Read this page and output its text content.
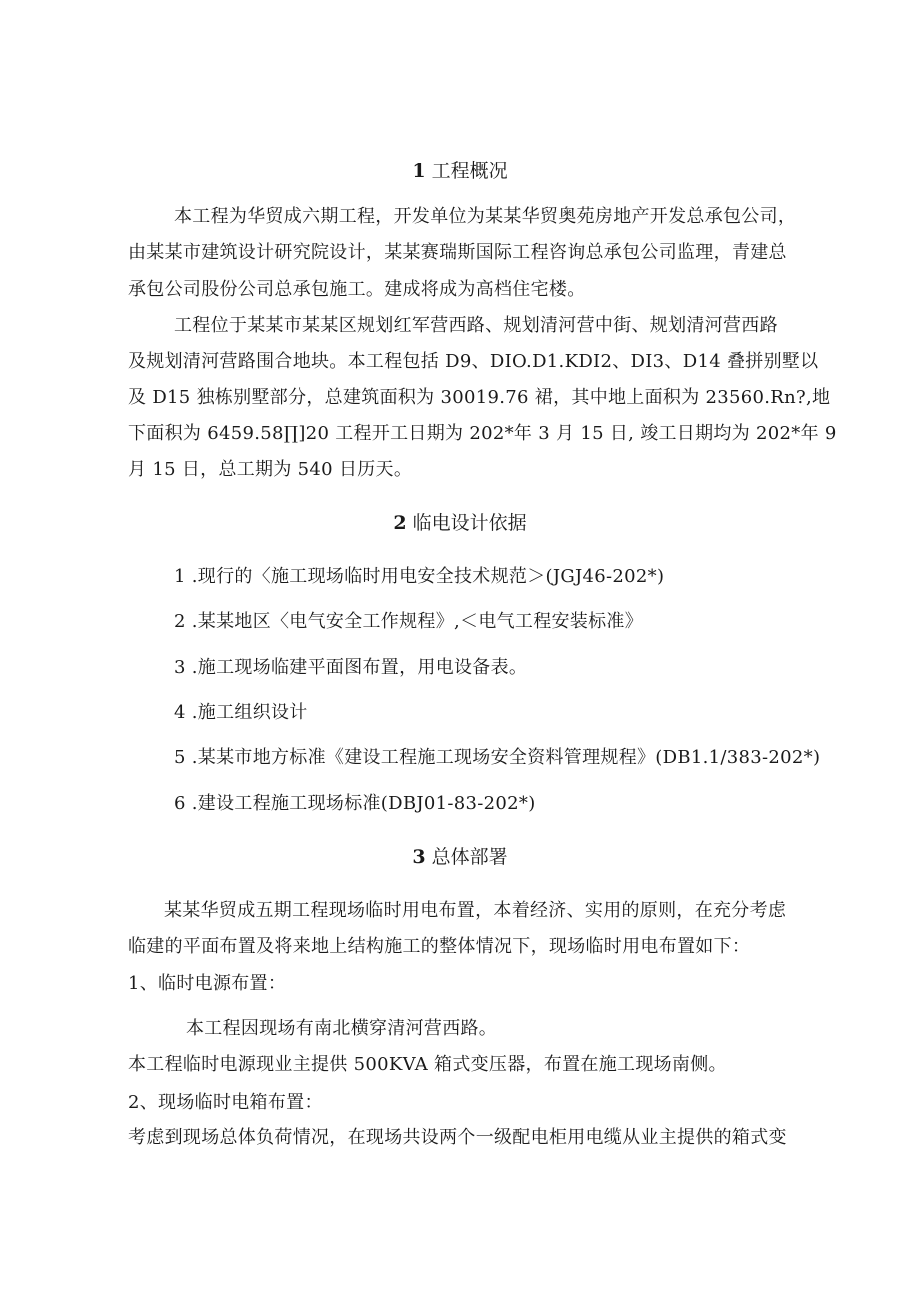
1 工程概况
本工程为华贸成六期工程，开发单位为某某华贸奥苑房地产开发总承包公司，
由某某市建筑设计研究院设计，某某赛瑞斯国际工程咨询总承包公司监理，青建总
承包公司股份公司总承包施工。建成将成为高档住宅楼。
工程位于某某市某某区规划红军营西路、规划清河营中街、规划清河营西路
及规划清河营路围合地块。本工程包括 D9、DIO.D1.KDI2、DI3、D14 叠拼别墅以
及 D15 独栋别墅部分，总建筑面积为 30019.76 裙，其中地上面积为 23560.Rn?,地
下面积为 6459.58∏]20 工程开工日期为 202*年 3 月 15 日, 竣工日期均为 202*年 9
月 15 日，总工期为 540 日历天。
2 临电设计依据
1 .现行的〈施工现场临时用电安全技术规范＞(JGJ46-202*)
2 .某某地区〈电气安全工作规程》,＜电气工程安装标准》
3 .施工现场临建平面图布置，用电设备表。
4 .施工组织设计
5 .某某市地方标准《建设工程施工现场安全资料管理规程》(DB1.1/383-202*)
6 .建设工程施工现场标准(DBJ01-83-202*)
3 总体部署
某某华贸成五期工程现场临时用电布置，本着经济、实用的原则，在充分考虑
临建的平面布置及将来地上结构施工的整体情况下，现场临时用电布置如下：
1、临时电源布置：
本工程因现场有南北横穿清河营西路。
本工程临时电源现业主提供 500KVA 箱式变压器，布置在施工现场南侧。
2、现场临时电箱布置：
考虑到现场总体负荷情况，在现场共设两个一级配电柜用电缆从业主提供的箱式变
